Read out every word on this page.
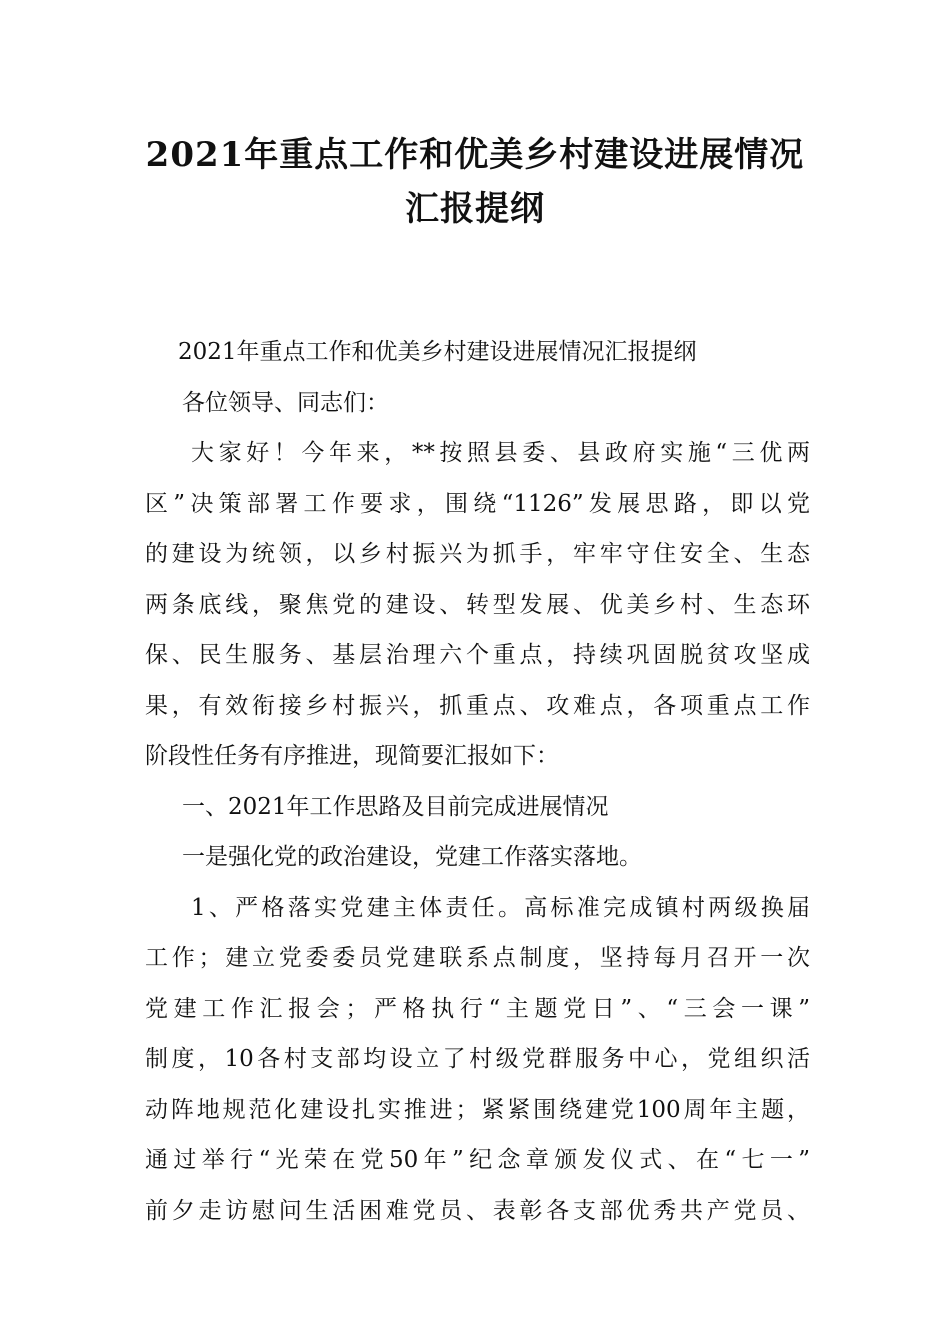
2021年重点工作和优美乡村建设进展情况
汇报提纲
2021年重点工作和优美乡村建设进展情况汇报提纲
各位领导、同志们：
大家好！今年来，**按照县委、县政府实施“三优两
区”决策部署工作要求，围绕“1126”发展思路，即以党
的建设为统领，以乡村振兴为抓手，牢牢守住安全、生态
两条底线，聚焦党的建设、转型发展、优美乡村、生态环
保、民生服务、基层治理六个重点，持续巩固脱贫攻坚成
果，有效衔接乡村振兴，抓重点、攻难点，各项重点工作
阶段性任务有序推进，现简要汇报如下：
一、2021年工作思路及目前完成进展情况
一是强化党的政治建设，党建工作落实落地。
1、严格落实党建主体责任。高标准完成镇村两级换届
工作；建立党委委员党建联系点制度，坚持每月召开一次
党建工作汇报会；严格执行“主题党日”、“三会一课”
制度，10各村支部均设立了村级党群服务中心，党组织活
动阵地规范化建设扎实推进；紧紧围绕建党100周年主题，
通过举行“光荣在党50年”纪念章颁发仪式、在“七一”
前夕走访慰问生活困难党员、表彰各支部优秀共产党员、
